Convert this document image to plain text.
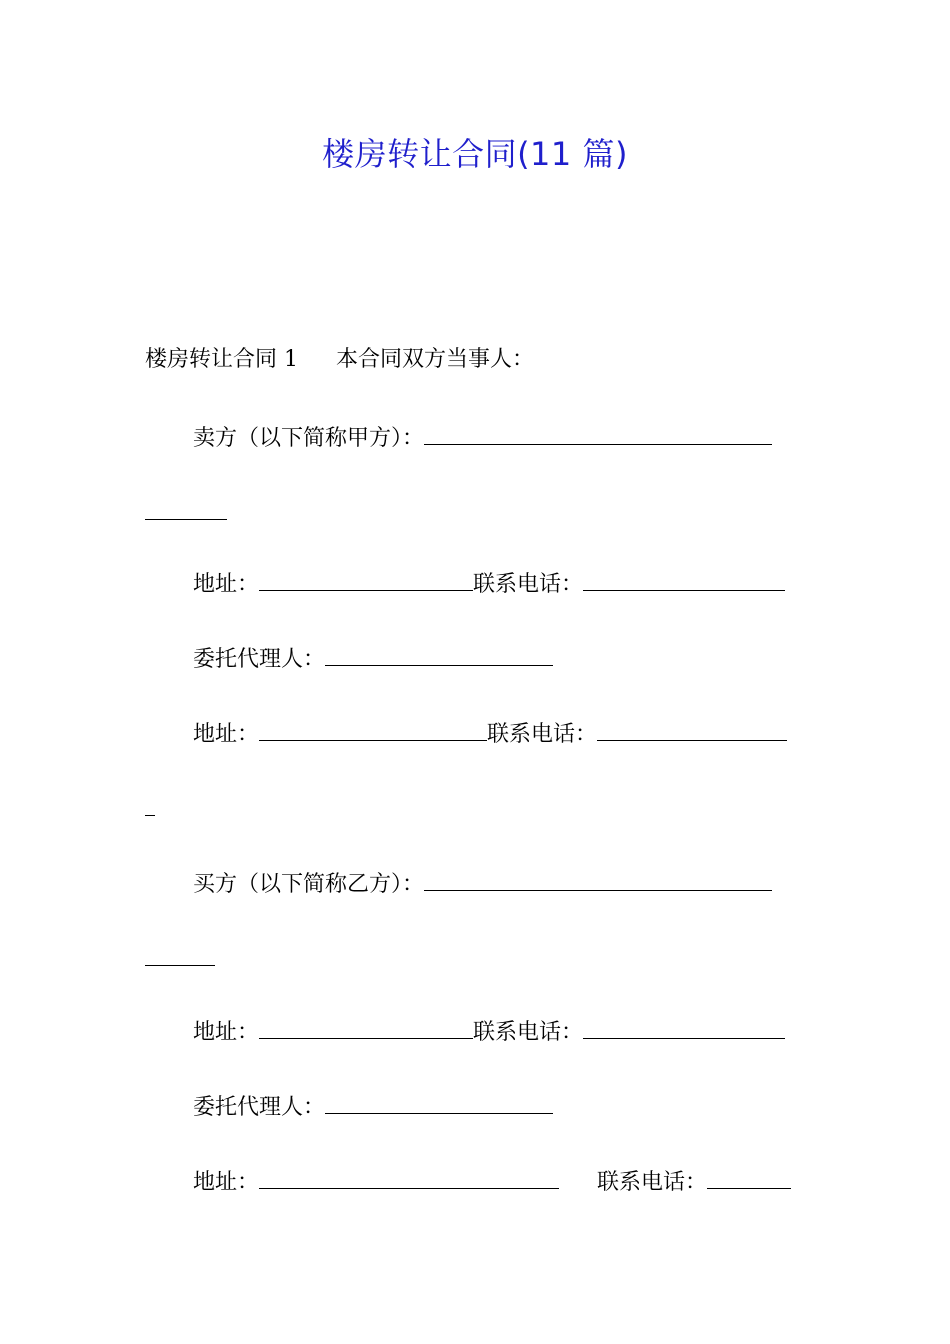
楼房转让合同(11 篇)
楼房转让合同 1 本合同双方当事人：
卖方（以下简称甲方）：
地址：	联系电话：
委托代理人：
地址：	联系电话：
买方（以下简称乙方）：
地址：	联系电话：
委托代理人：
地址：	联系电话：
